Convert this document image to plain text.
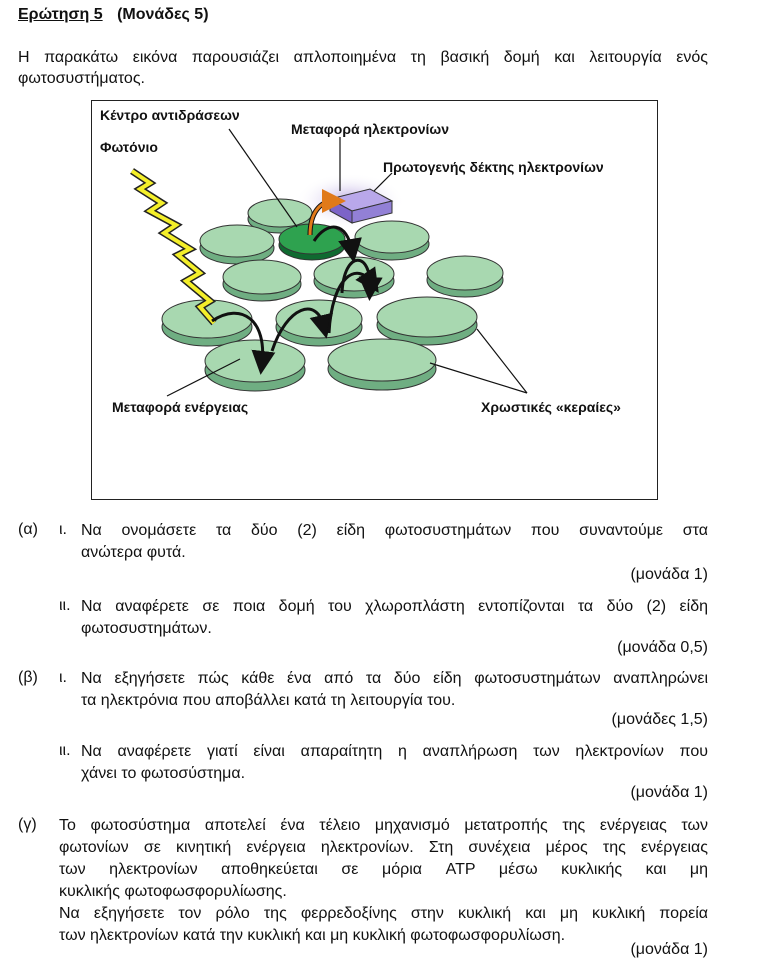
Ερώτηση 5 (Μονάδες 5)
Η παρακάτω εικόνα παρουσιάζει απλοποιημένα τη βασική δομή και λειτουργία ενός φωτοσυστήματος.
Κέντρο αντιδράσεων
Μεταφορά ηλεκτρονίων
Φωτόνιο
Πρωτογενής δέκτης ηλεκτρονίων
Μεταφορά ενέργειας	Χρωστικές «κεραίες»
(α) ι. Να ονομάσετε τα δύο (2) είδη φωτοσυστημάτων που συναντούμε στα
ανώτερα φυτά.
(μονάδα 1)
ιι. Να αναφέρετε σε ποια δομή του χλωροπλάστη εντοπίζονται τα δύο (2) είδη
φωτοσυστημάτων.
(μονάδα 0,5)
(β) ι. Να εξηγήσετε πώς κάθε ένα από τα δύο είδη φωτοσυστημάτων αναπληρώνει
τα ηλεκτρόνια που αποβάλλει κατά τη λειτουργία του.
(μονάδες 1,5)
ιι. Να αναφέρετε γιατί είναι απαραίτητη η αναπλήρωση των ηλεκτρονίων που
χάνει το φωτοσύστημα.
(μονάδα 1)
(γ) Το φωτοσύστημα αποτελεί ένα τέλειο μηχανισμό μετατροπής της ενέργειας των
φωτονίων σε κινητική ενέργεια ηλεκτρονίων. Στη συνέχεια μέρος της ενέργειας
των ηλεκτρονίων αποθηκεύεται σε μόρια ATP μέσω κυκλικής και μη
κυκλικής φωτοφωσφορυλίωσης.
Να εξηγήσετε τον ρόλο της φερρεδοξίνης στην κυκλική και μη κυκλική πορεία
των ηλεκτρονίων κατά την κυκλική και μη κυκλική φωτοφωσφορυλίωση.
(μονάδα 1)
